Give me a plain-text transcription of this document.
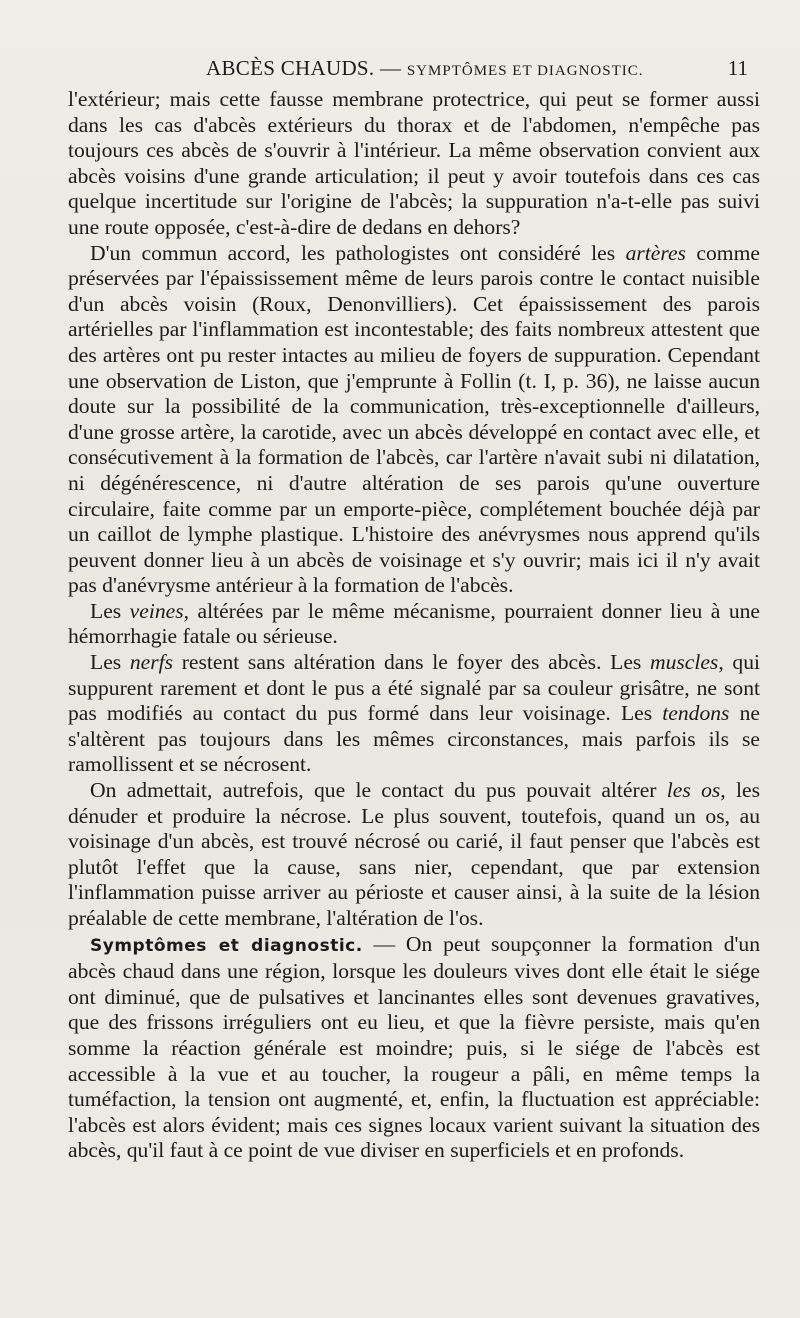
ABCÈS CHAUDS. — SYMPTÔMES ET DIAGNOSTIC.	11

l'extérieur; mais cette fausse membrane protectrice, qui peut se former aussi dans les cas d'abcès extérieurs du thorax et de l'abdomen, n'empêche pas toujours ces abcès de s'ouvrir à l'intérieur. La même observation convient aux abcès voisins d'une grande articulation; il peut y avoir toutefois dans ces cas quelque incertitude sur l'origine de l'abcès; la suppuration n'a-t-elle pas suivi une route opposée, c'est-à-dire de dedans en dehors?

D'un commun accord, les pathologistes ont considéré les artères comme préservées par l'épaississement même de leurs parois contre le contact nuisible d'un abcès voisin (Roux, Denonvilliers). Cet épaississement des parois artérielles par l'inflammation est incontestable; des faits nombreux attestent que des artères ont pu rester intactes au milieu de foyers de suppuration. Cependant une observation de Liston, que j'emprunte à Follin (t. I, p. 36), ne laisse aucun doute sur la possibilité de la communication, très-exceptionnelle d'ailleurs, d'une grosse artère, la carotide, avec un abcès développé en contact avec elle, et consécutivement à la formation de l'abcès, car l'artère n'avait subi ni dilatation, ni dégénérescence, ni d'autre altération de ses parois qu'une ouverture circulaire, faite comme par un emporte-pièce, complétement bouchée déjà par un caillot de lymphe plastique. L'histoire des anévrysmes nous apprend qu'ils peuvent donner lieu à un abcès de voisinage et s'y ouvrir; mais ici il n'y avait pas d'anévrysme antérieur à la formation de l'abcès.

Les veines, altérées par le même mécanisme, pourraient donner lieu à une hémorrhagie fatale ou sérieuse.

Les nerfs restent sans altération dans le foyer des abcès. Les muscles, qui suppurent rarement et dont le pus a été signalé par sa couleur grisâtre, ne sont pas modifiés au contact du pus formé dans leur voisinage. Les tendons ne s'altèrent pas toujours dans les mêmes circonstances, mais parfois ils se ramollissent et se nécrosent.

On admettait, autrefois, que le contact du pus pouvait altérer les os, les dénuder et produire la nécrose. Le plus souvent, toutefois, quand un os, au voisinage d'un abcès, est trouvé nécrosé ou carié, il faut penser que l'abcès est plutôt l'effet que la cause, sans nier, cependant, que par extension l'inflammation puisse arriver au périoste et causer ainsi, à la suite de la lésion préalable de cette membrane, l'altération de l'os.

Symptômes et diagnostic. — On peut soupçonner la formation d'un abcès chaud dans une région, lorsque les douleurs vives dont elle était le siége ont diminué, que de pulsatives et lancinantes elles sont devenues gravatives, que des frissons irréguliers ont eu lieu, et que la fièvre persiste, mais qu'en somme la réaction générale est moindre; puis, si le siége de l'abcès est accessible à la vue et au toucher, la rougeur a pâli, en même temps la tuméfaction, la tension ont augmenté, et, enfin, la fluctuation est appréciable: l'abcès est alors évident; mais ces signes locaux varient suivant la situation des abcès, qu'il faut à ce point de vue diviser en superficiels et en profonds.
